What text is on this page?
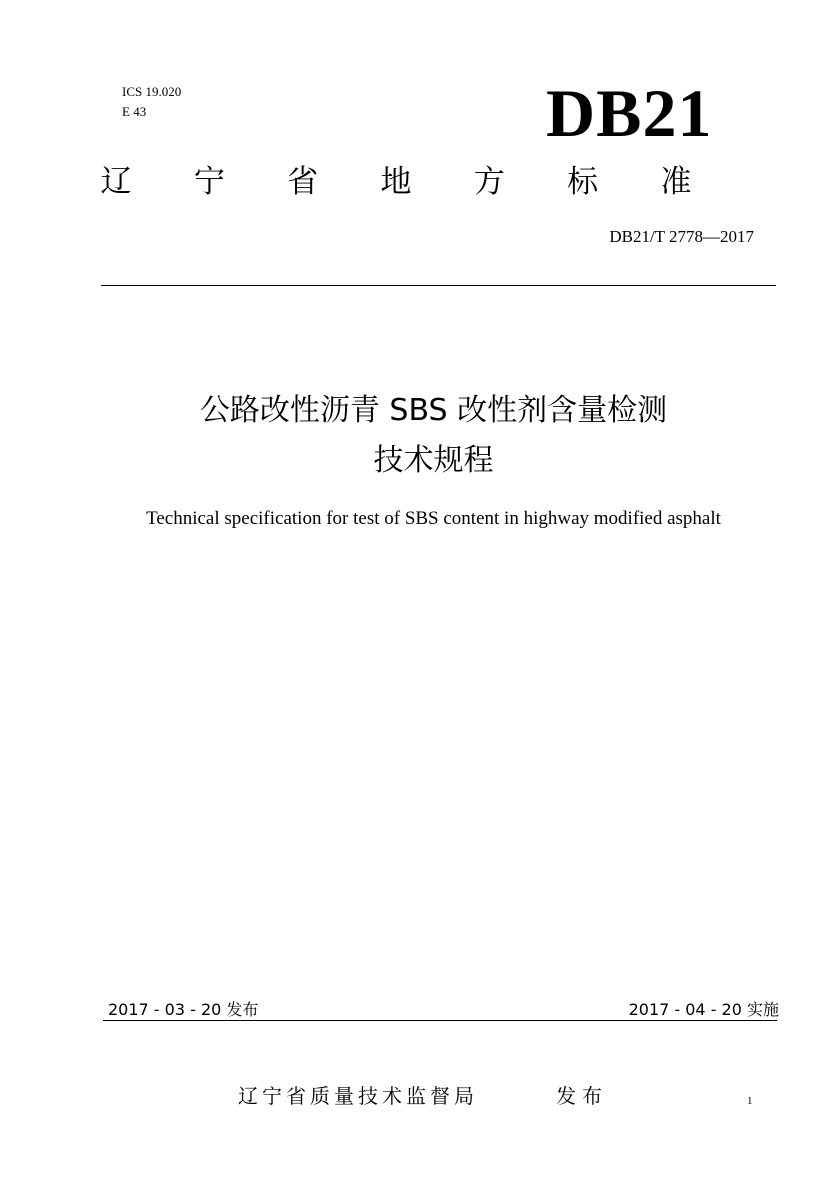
ICS 19.020
E 43	DB21
辽 宁 省 地 方 标 准
DB21/T 2778—2017
公路改性沥青 SBS 改性剂含量检测
技术规程
Technical specification for test of SBS content in highway modified asphalt
2017 - 03 - 20 发布	2017 - 04 - 20 实施
辽宁省质量技术监督局	发布	1
